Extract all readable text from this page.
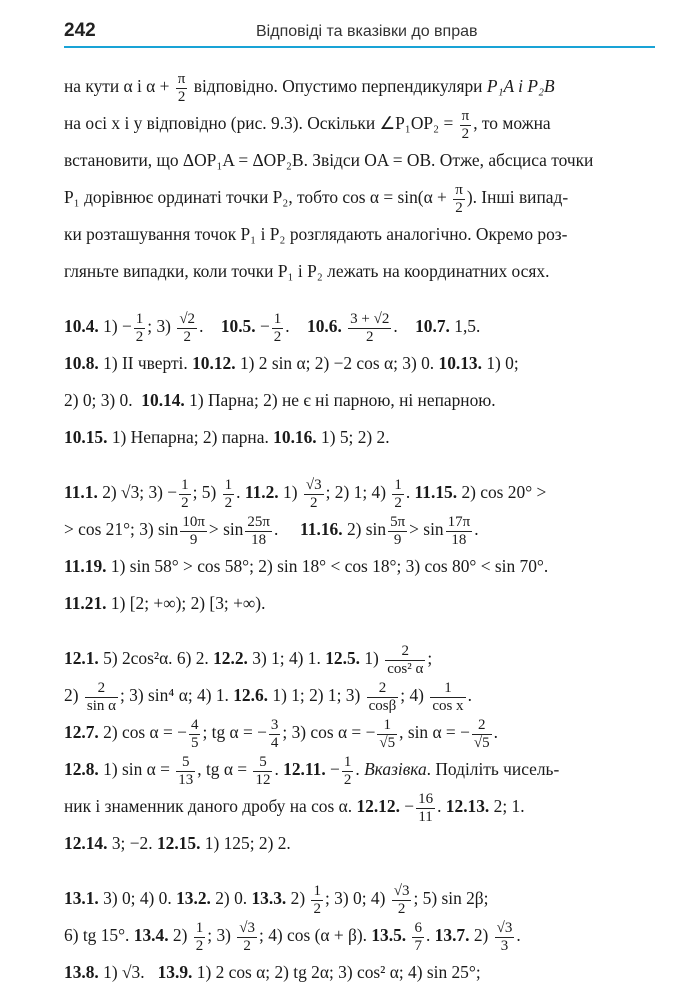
242	Відповіді та вказівки до вправ

на кути α і $\alpha + \frac{\pi}{2}$ відповідно. Опустимо перпендикуляри P₁A і P₂B
на осі x і y відповідно (рис. 9.3). Оскільки ∠P₁OP₂ = $\frac{\pi}{2}$ , то можна
встановити, що ΔOP₁A = ΔOP₂B. Звідси OA = OB. Отже, абсциса точки
P₁ дорівнює ординаті точки P₂, тобто $\cos \alpha = \sin(\alpha + \frac{\pi}{2}$ ). Інші випад-
ки розташування точок P₁ і P₂ розглядають аналогічно. Окремо роз-
гляньте випадки, коли точки P₁ і P₂ лежать на координатних осях.

10.4. $1) - \frac{1}{2}$ ; $3) \frac{√2}{2}$ .    10.5. − $\frac{1}{2}$ .    10.6. $\frac{3 + √2}{2}$ .    10.7. 1,5.
10.8. 1) ІІ чверті. 10.12. 1) 2 sin α; 2) −2 cos α; 3) 0. 10.13. 1) 0;
2) 0; 3) 0. 10.14. 1) Парна; 2) не є ні парною, ні непарною.
10.15. 1) Непарна; 2) парна. 10.16. 1) 5; 2) 2.

11.1. 2) √3; $3) - \frac{1}{2}$ ; $5) \frac{1}{2}$ . 11.2. $1) \frac{√3}{2}$ ; 2) 1; $4) \frac{1}{2}$ . 11.15. 2) cos 20° >
> cos 21°; 3) $\sin \frac{10\pi}{9} > \sin \frac{25\pi}{18}$ .     11.16. 2) $\sin \frac{5\pi}{9} > \sin \frac{17\pi}{18}$ .
11.19. 1) sin 58° > cos 58°; 2) sin 18° < cos 18°; 3) cos 80° < sin 70°.
11.21. 1) [2; +∞); 2) [3; +∞).

12.1. 5) 2cos²α. 6) 2. 12.2. 3) 1; 4) 1. 12.5. $1) \frac{2}{\text{cos² α}}$ ;
$2) \frac{2}{\text{sin α}}$ ; 3) sin⁴ α; 4) 1. 12.6. 1) 1; 2) 1; $3) \frac{2}{\cos\beta}$ ; $4) \frac{1}{\text{cos x}}$ .
12.7. 2) cos α = − $\frac{4}{5}$ ; tg α = − $\frac{3}{4}$ ; 3) cos α = − $\frac{1}{√5}$ , sin α = − $\frac{2}{√5}$ .
12.8. 1) $\sin \alpha = \frac{5}{13}$ , tg $\alpha = \frac{5}{12}$ . 12.11. − $\frac{1}{2}$ . Вказівка. Поділіть чисель-
ник і знаменник даного дробу на cos α. 12.12. − $\frac{16}{11}$ . 12.13. 2; 1.
12.14. 3; −2. 12.15. 1) 125; 2) 2.

13.1. 3) 0; 4) 0. 13.2. 2) 0. 13.3. $2) \frac{1}{2}$ ; 3) 0; $4) \frac{√3}{2}$ ; 5) sin 2β;
6) tg 15°. 13.4. $2) \frac{1}{2}$ ; $3) \frac{√3}{2}$ ; 4) cos (α + β). 13.5. $\frac{6}{7}$ . 13.7. $2) \frac{√3}{3}$ .
13.8. 1) √3. 13.9. 1) 2 cos α; 2) tg 2α; 3) cos² α; 4) sin 25°;
